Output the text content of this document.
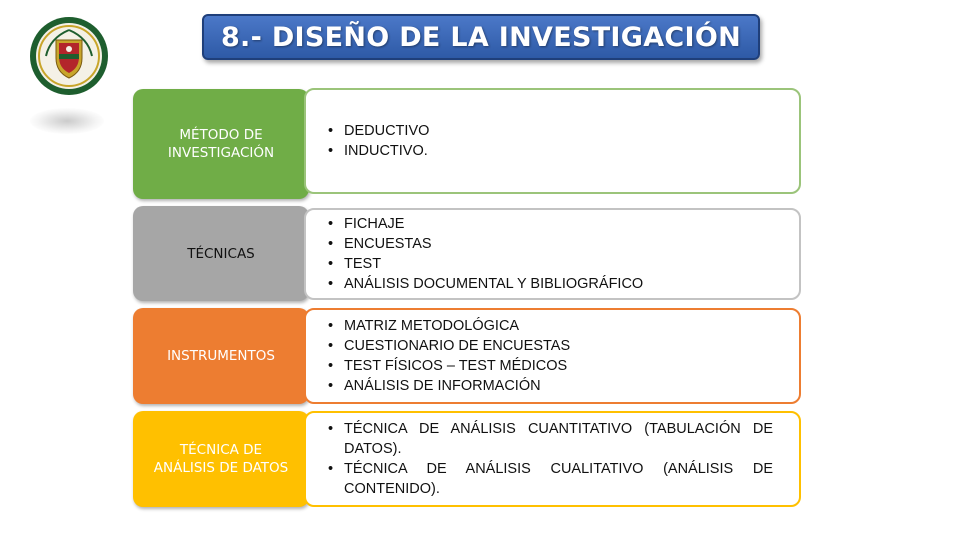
8.- DISEÑO DE LA INVESTIGACIÓN
MÉTODO DE
INVESTIGACIÓN
• DEDUCTIVO
• INDUCTIVO.
TÉCNICAS
• FICHAJE
• ENCUESTAS
• TEST
• ANÁLISIS DOCUMENTAL Y BIBLIOGRÁFICO
INSTRUMENTOS
• MATRIZ METODOLÓGICA
• CUESTIONARIO DE ENCUESTAS
• TEST FÍSICOS – TEST MÉDICOS
• ANÁLISIS DE INFORMACIÓN
TÉCNICA DE
ANÁLISIS DE DATOS
• TÉCNICA DE ANÁLISIS CUANTITATIVO (TABULACIÓN DE DATOS).
• TÉCNICA DE ANÁLISIS CUALITATIVO (ANÁLISIS DE CONTENIDO).
